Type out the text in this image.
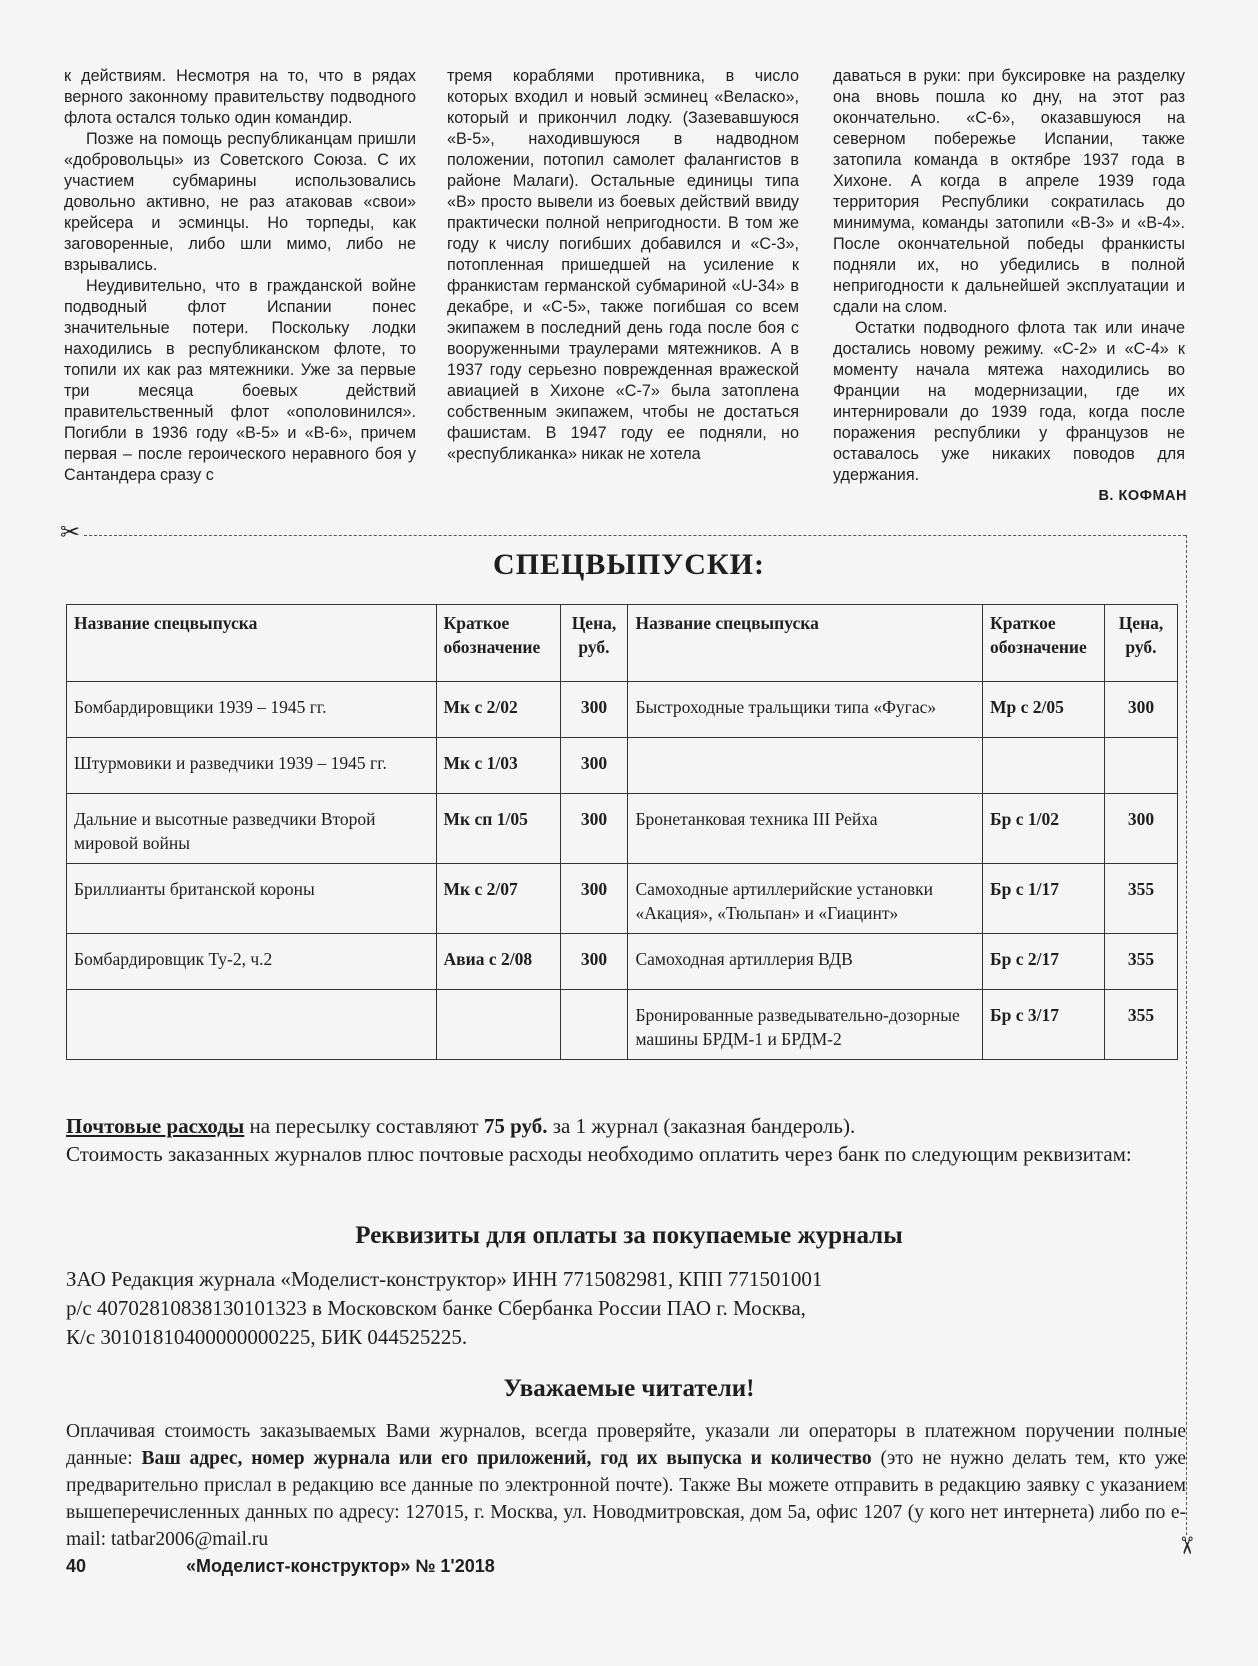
к действиям. Несмотря на то, что в рядах верного законному правительству подводного флота остался только один командир.

Позже на помощь республиканцам пришли «добровольцы» из Советского Союза. С их участием субмарины использовались довольно активно, не раз атаковав «свои» крейсера и эсминцы. Но торпеды, как заговоренные, либо шли мимо, либо не взрывались.

Неудивительно, что в гражданской войне подводный флот Испании понес значительные потери. Поскольку лодки находились в республиканском флоте, то топили их как раз мятежники. Уже за первые три месяца боевых действий правительственный флот «ополовинился». Погибли в 1936 году «В-5» и «В-6», причем первая – после героического неравного боя у Сантандера сразу с

тремя кораблями противника, в число которых входил и новый эсминец «Веласко», который и прикончил лодку. (Зазевавшуюся «В-5», находившуюся в надводном положении, потопил самолет фалангистов в районе Малаги). Остальные единицы типа «В» просто вывели из боевых действий ввиду практически полной непригодности. В том же году к числу погибших добавился и «С-3», потопленная пришедшей на усиление к франкистам германской субмариной «U-34» в декабре, и «С-5», также погибшая со всем экипажем в последний день года после боя с вооруженными траулерами мятежников. А в 1937 году серьезно поврежденная вражеской авиацией в Хихоне «С-7» была затоплена собственным экипажем, чтобы не достаться фашистам. В 1947 году ее подняли, но «республиканка» никак не хотела

даваться в руки: при буксировке на разделку она вновь пошла ко дну, на этот раз окончательно. «С-6», оказавшуюся на северном побережье Испании, также затопила команда в октябре 1937 года в Хихоне. А когда в апреле 1939 года территория Республики сократилась до минимума, команды затопили «В-3» и «В-4». После окончательной победы франкисты подняли их, но убедились в полной непригодности к дальнейшей эксплуатации и сдали на слом.

Остатки подводного флота так или иначе достались новому режиму. «С-2» и «С-4» к моменту начала мятежа находились во Франции на модернизации, где их интернировали до 1939 года, когда после поражения республики у французов не оставалось уже никаких поводов для удержания.

В. КОФМАН
✂
✂
СПЕЦВЫПУСКИ:
Название спецвыпуска	Краткое обозначение	Цена, руб.	Название спецвыпуска	Краткое обозначение	Цена, руб.
Бомбардировщики 1939 – 1945 гг.	Мк с 2/02	300	Быстроходные тральщики типа «Фугас»	Мр с 2/05	300
Штурмовики и разведчики 1939 – 1945 гг.	Мк с 1/03	300			
Дальние и высотные разведчики Второй мировой войны	Мк сп 1/05	300	Бронетанковая техника III Рейха	Бр с 1/02	300
Бриллианты британской короны	Мк с 2/07	300	Самоходные артиллерийские установки «Акация», «Тюльпан» и «Гиацинт»	Бр с 1/17	355
Бомбардировщик Ту-2, ч.2	Авиа с 2/08	300	Самоходная артиллерия ВДВ	Бр с 2/17	355
			Бронированные разведывательно-дозорные машины БРДМ-1 и БРДМ-2	Бр с 3/17	355
Почтовые расходы на пересылку составляют 75 руб. за 1 журнал (заказная бандероль).
Стоимость заказанных журналов плюс почтовые расходы необходимо оплатить через банк по следующим реквизитам:
Реквизиты для оплаты за покупаемые журналы
ЗАО Редакция журнала «Моделист-конструктор» ИНН 7715082981, КПП 771501001
р/с 40702810838130101323 в Московском банке Сбербанка России ПАО г. Москва,
К/с 30101810400000000225, БИК 044525225.
Уважаемые читатели!
Оплачивая стоимость заказываемых Вами журналов, всегда проверяйте, указали ли операторы в платежном поручении полные данные: Ваш адрес, номер журнала или его приложений, год их выпуска и количество (это не нужно делать тем, кто уже предварительно прислал в редакцию все данные по электронной почте). Также Вы можете отправить в редакцию заявку с указанием вышеперечисленных данных по адресу: 127015, г. Москва, ул. Новодмитровская, дом 5а, офис 1207 (у кого нет интернета) либо по e-mail: tatbar2006@mail.ru
40	«Моделист-конструктор» № 1'2018
